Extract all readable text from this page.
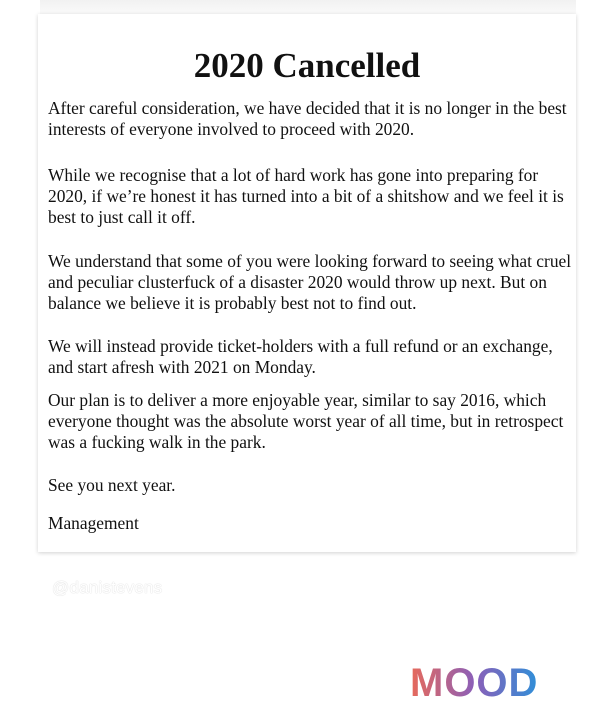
2020 Cancelled

After careful consideration, we have decided that it is no longer in the best interests of everyone involved to proceed with 2020.

While we recognise that a lot of hard work has gone into preparing for 2020, if we’re honest it has turned into a bit of a shitshow and we feel it is best to just call it off.

We understand that some of you were looking forward to seeing what cruel and peculiar clusterfuck of a disaster 2020 would throw up next. But on balance we believe it is probably best not to find out.

We will instead provide ticket-holders with a full refund or an exchange, and start afresh with 2021 on Monday.

Our plan is to deliver a more enjoyable year, similar to say 2016, which everyone thought was the absolute worst year of all time, but in retrospect was a fucking walk in the park.

See you next year.

Management

@danistevens
MOOD
